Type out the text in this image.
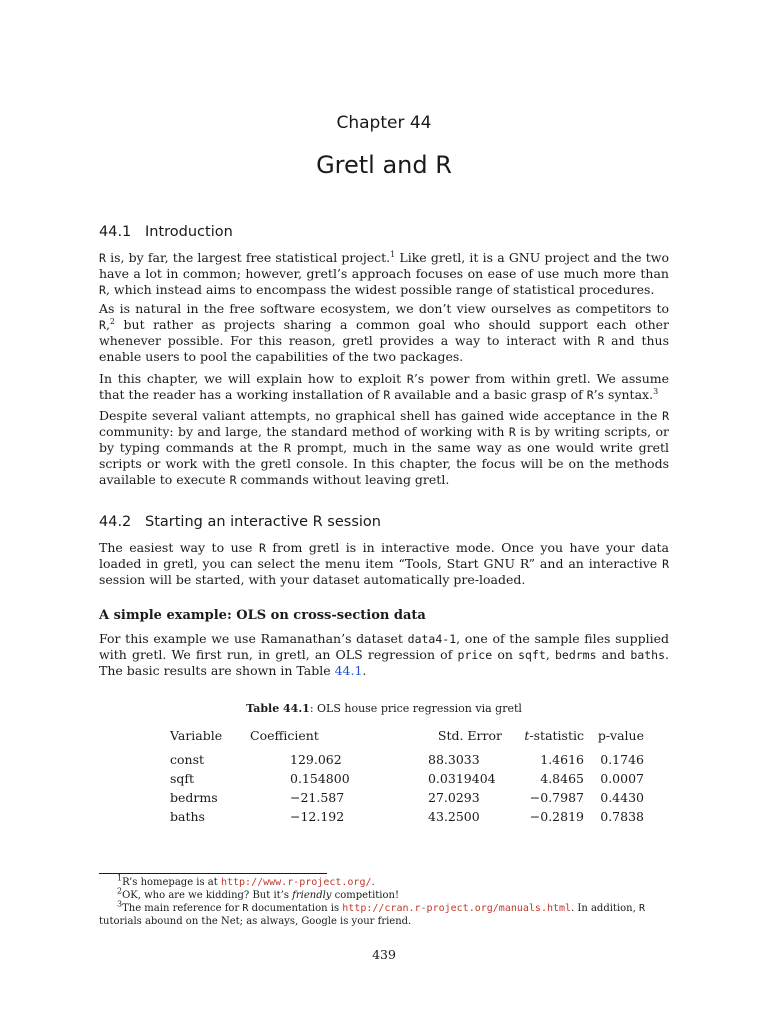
Chapter 44
Gretl and R
44.1 Introduction

R is, by far, the largest free statistical project.$^1$ Like gretl, it is a GNU project and the two have a lot in common; however, gretl’s approach focuses on ease of use much more than R, which instead aims to encompass the widest possible range of statistical procedures.

As is natural in the free software ecosystem, we don’t view ourselves as competitors to R,$^2$ but rather as projects sharing a common goal who should support each other whenever possible. For this reason, gretl provides a way to interact with R and thus enable users to pool the capabilities of the two packages.

In this chapter, we will explain how to exploit R’s power from within gretl. We assume that the reader has a working installation of R available and a basic grasp of R’s syntax.$^3$

Despite several valiant attempts, no graphical shell has gained wide acceptance in the R community: by and large, the standard method of working with R is by writing scripts, or by typing commands at the R prompt, much in the same way as one would write gretl scripts or work with the gretl console. In this chapter, the focus will be on the methods available to execute R commands without leaving gretl.

44.2 Starting an interactive R session

The easiest way to use R from gretl is in interactive mode. Once you have your data loaded in gretl, you can select the menu item “Tools, Start GNU R” and an interactive R session will be started, with your dataset automatically pre-loaded.

A simple example: OLS on cross-section data

For this example we use Ramanathan’s dataset data4-1, one of the sample files supplied with gretl. We first run, in gretl, an OLS regression of price on sqft, bedrms and baths. The basic results are shown in Table 44.1.

Table 44.1: OLS house price regression via gretl
Variable	Coefficient	Std. Error	t-statistic	p-value
const	129.062	88.3033	1.4616	0.1746
sqft	0.154800	0.0319404	4.8465	0.0007
bedrms	−21.587	27.0293	−0.7987	0.4430
baths	−12.192	43.2500	−0.2819	0.7838
$^1$R’s homepage is at http://www.r-project.org/.
$^2$OK, who are we kidding? But it’s friendly competition!
$^3$The main reference for R documentation is http://cran.r-project.org/manuals.html. In addition, R tutorials abound on the Net; as always, Google is your friend.
439
